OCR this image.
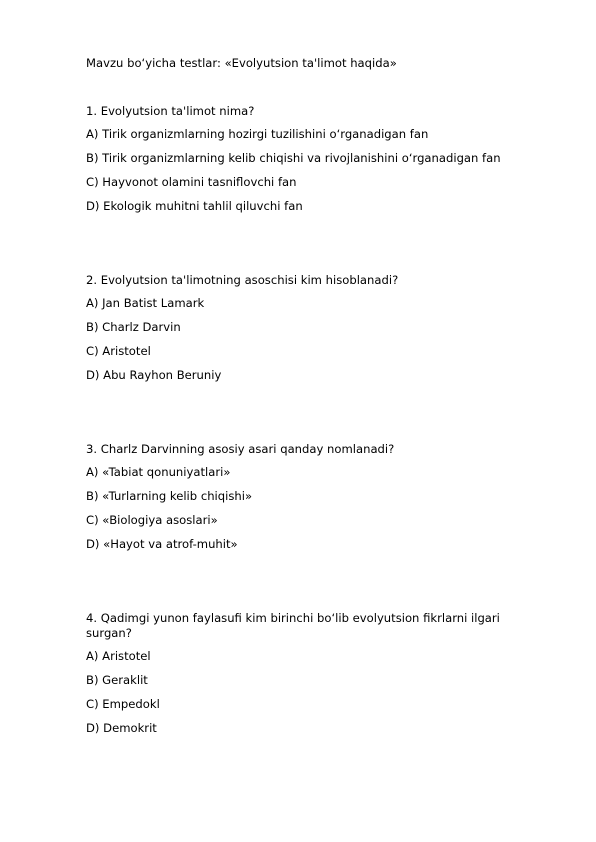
Mavzu bo‘yicha testlar: «Evolyutsion ta'limot haqida»

1. Evolyutsion ta'limot nima?

A) Tirik organizmlarning hozirgi tuzilishini o‘rganadigan fan

B) Tirik organizmlarning kelib chiqishi va rivojlanishini o‘rganadigan fan

C) Hayvonot olamini tasniflovchi fan

D) Ekologik muhitni tahlil qiluvchi fan

2. Evolyutsion ta'limotning asoschisi kim hisoblanadi?

A) Jan Batist Lamark

B) Charlz Darvin

C) Aristotel

D) Abu Rayhon Beruniy

3. Charlz Darvinning asosiy asari qanday nomlanadi?

A) «Tabiat qonuniyatlari»

B) «Turlarning kelib chiqishi»

C) «Biologiya asoslari»

D) «Hayot va atrof-muhit»

4. Qadimgi yunon faylasufi kim birinchi bo‘lib evolyutsion fikrlarni ilgari surgan?

A) Aristotel

B) Geraklit

C) Empedokl

D) Demokrit
